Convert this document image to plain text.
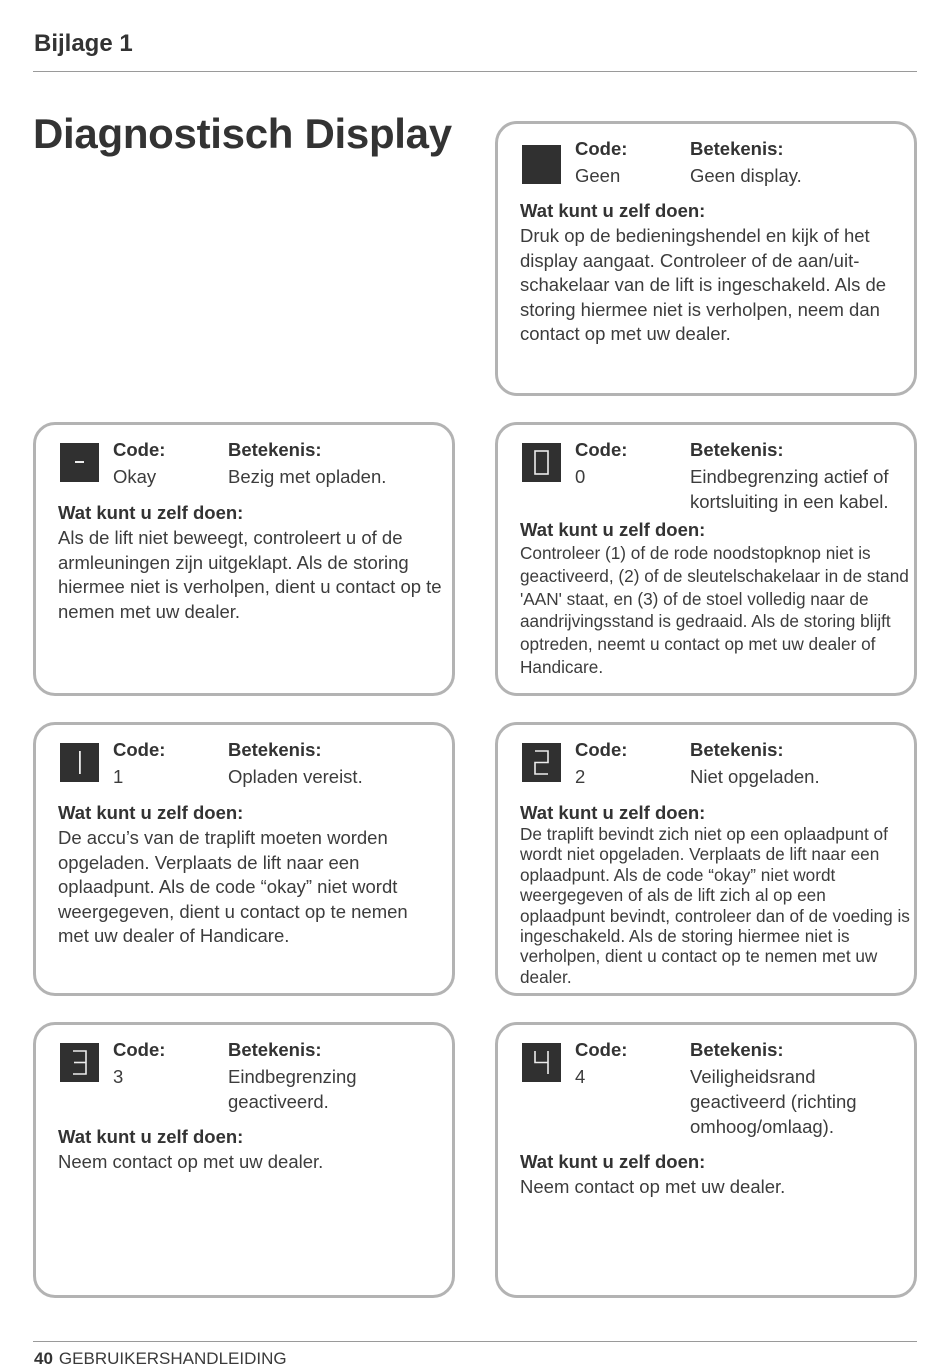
Bijlage 1
Diagnostisch Display	Code:	Betekenis:
Geen	Geen display.
Wat kunt u zelf doen:
Druk op de bedieningshendel en kijk of het display aangaat. Controleer of de aan/uit-schakelaar van de lift is ingeschakeld. Als de storing hiermee niet is verholpen, neem dan contact op met uw dealer.
Code:	Betekenis:
Okay	Bezig met opladen.
Wat kunt u zelf doen:
Als de lift niet beweegt, controleert u of de armleuningen zijn uitgeklapt. Als de storing hiermee niet is verholpen, dient u contact op te nemen met uw dealer.
Code:	Betekenis:
0	Eindbegrenzing actief of kortsluiting in een kabel.
Wat kunt u zelf doen:
Controleer (1) of de rode noodstopknop niet is geactiveerd, (2) of de sleutelschakelaar in de stand 'AAN' staat, en (3) of de stoel volledig naar de aandrijvingsstand is gedraaid. Als de storing blijft optreden, neemt u contact op met uw dealer of Handicare.
Code:	Betekenis:
1	Opladen vereist.
Wat kunt u zelf doen:
De accu’s van de traplift moeten worden opgeladen. Verplaats de lift naar een oplaadpunt. Als de code “okay” niet wordt weergegeven, dient u contact op te nemen met uw dealer of Handicare.
Code:	Betekenis:
2	Niet opgeladen.
Wat kunt u zelf doen:
De traplift bevindt zich niet op een oplaadpunt of wordt niet opgeladen. Verplaats de lift naar een oplaadpunt. Als de code “okay” niet wordt weergegeven of als de lift zich al op een oplaadpunt bevindt, controleer dan of de voeding is ingeschakeld. Als de storing hiermee niet is verholpen, dient u contact op te nemen met uw dealer.
Code:	Betekenis:
3	Eindbegrenzing geactiveerd.
Wat kunt u zelf doen:
Neem contact op met uw dealer.
Code:	Betekenis:
4	Veiligheidsrand geactiveerd (richting omhoog/omlaag).
Wat kunt u zelf doen:
Neem contact op met uw dealer.
40 GEBRUIKERSHANDLEIDING
